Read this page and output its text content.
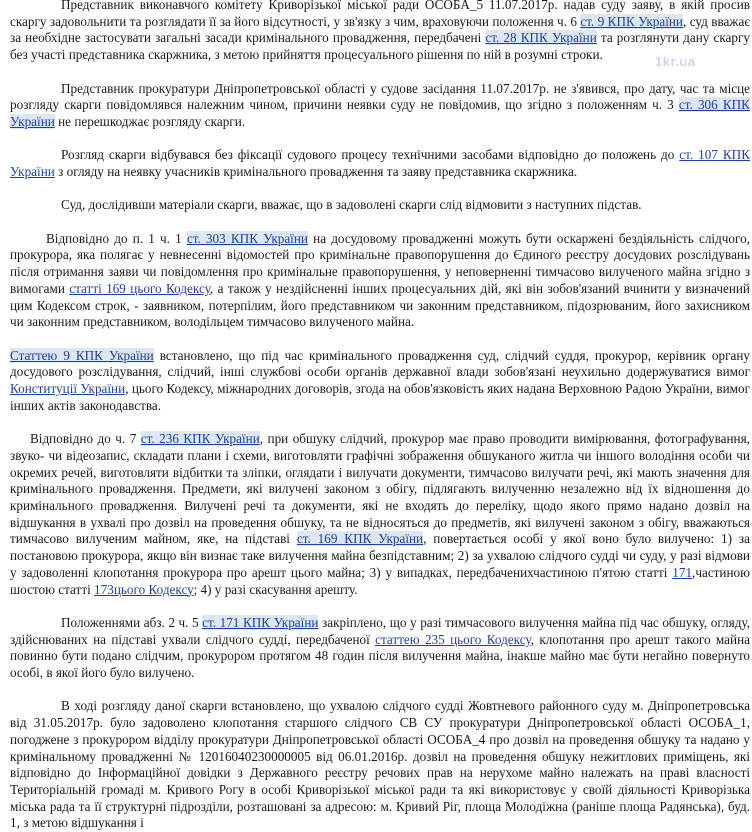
1kr.ua

Представник виконавчого комітету Криворізької міської ради ОСОБА_5 11.07.2017р. надав суду заяву, в якій просив скаргу задовольнити та розглядати її за його відсутності, у зв'язку з чим, враховуючи положення ч. 6 ст. 9 КПК України, суд вважає за необхідне застосувати загальні засади кримінального провадження, передбачені ст. 28 КПК України та розглянути дану скаргу без участі представника скаржника, з метою прийняття процесуального рішення по ній в розумні строки.

Представник прокуратури Дніпропетровської області у судове засідання 11.07.2017р. не з'явився, про дату, час та місце розгляду скарги повідомлявся належним чином, причини неявки суду не повідомив, що згідно з положенням ч. 3 ст. 306 КПК України не перешкоджає розгляду скарги.

Розгляд скарги відбувався без фіксації судового процесу технічними засобами відповідно до положень до ст. 107 КПК України з огляду на неявку учасників кримінального провадження та заяву представника скаржника.

Суд, дослідивши матеріали скарги, вважає, що в задоволені скарги слід відмовити з наступних підстав.

Відповідно до п. 1 ч. 1 ст. 303 КПК України на досудовому провадженні можуть бути оскаржені бездіяльність слідчого, прокурора, яка полягає у невнесенні відомостей про кримінальне правопорушення до Єдиного реєстру досудових розслідувань після отримання заяви чи повідомлення про кримінальне правопорушення, у неповерненні тимчасово вилученого майна згідно з вимогами статті 169 цього Кодексу, а також у нездійсненні інших процесуальних дій, які він зобов'язаний вчинити у визначений цим Кодексом строк, - заявником, потерпілим, його представником чи законним представником, підозрюваним, його захисником чи законним представником, володільцем тимчасово вилученого майна.

Статтею 9 КПК України встановлено, що під час кримінального провадження суд, слідчий суддя, прокурор, керівник органу досудового розслідування, слідчий, інші службові особи органів державної влади зобов'язані неухильно додержуватися вимог Конституції України, цього Кодексу, міжнародних договорів, згода на обов'язковість яких надана Верховною Радою України, вимог інших актів законодавства.

Відповідно до ч. 7 ст. 236 КПК України, при обшуку слідчий, прокурор має право проводити вимірювання, фотографування, звуко- чи відеозапис, складати плани і схеми, виготовляти графічні зображення обшуканого житла чи іншого володіння особи чи окремих речей, виготовляти відбитки та зліпки, оглядати і вилучати документи, тимчасово вилучати речі, які мають значення для кримінального провадження. Предмети, які вилучені законом з обігу, підлягають вилученню незалежно від їх відношення до кримінального провадження. Вилучені речі та документи, які не входять до переліку, щодо якого прямо надано дозвіл на відшукання в ухвалі про дозвіл на проведення обшуку, та не відносяться до предметів, які вилучені законом з обігу, вважаються тимчасово вилученим майном, яке, на підставі ст. 169 КПК України, повертається особі у якої воно було вилучено: 1) за постановою прокурора, якщо він визнає таке вилучення майна безпідставним; 2) за ухвалою слідчого судді чи суду, у разі відмови у задоволенні клопотання прокурора про арешт цього майна; 3) у випадках, передбаченихчастиною п'ятою статті 171,частиною шостою статті 173цього Кодексу; 4) у разі скасування арешту.

Положеннями абз. 2 ч. 5 ст. 171 КПК України закріплено, що у разі тимчасового вилучення майна під час обшуку, огляду, здійснюваних на підставі ухвали слідчого судді, передбаченої статтею 235 цього Кодексу, клопотання про арешт такого майна повинно бути подано слідчим, прокурором протягом 48 годин після вилучення майна, інакше майно має бути негайно повернуто особі, в якої його було вилучено.

В ході розгляду даної скарги встановлено, що ухвалою слідчого судді Жовтневого районного суду м. Дніпропетровська від 31.05.2017р. було задоволено клопотання старшого слідчого СВ СУ прокуратури Дніпропетровської області ОСОБА_1, погоджене з прокурором відділу прокуратури Дніпропетровської області ОСОБА_4 про дозвіл на проведення обшуку та надано у кримінальному провадженні № 12016040230000005 від 06.01.2016р. дозвіл на проведення обшуку нежитлових приміщень, які відповідно до Інформаційної довідки з Державного реєстру речових прав на нерухоме майно належать на праві власності Територіальній громаді м. Кривого Рогу в особі Криворізької міської ради та які використовує у своїй діяльності Криворізька міська рада та її структурні підрозділи, розташовані за адресою: м. Кривий Ріг, площа Молодіжна (раніше площа Радянська), буд. 1, з метою відшукання і
